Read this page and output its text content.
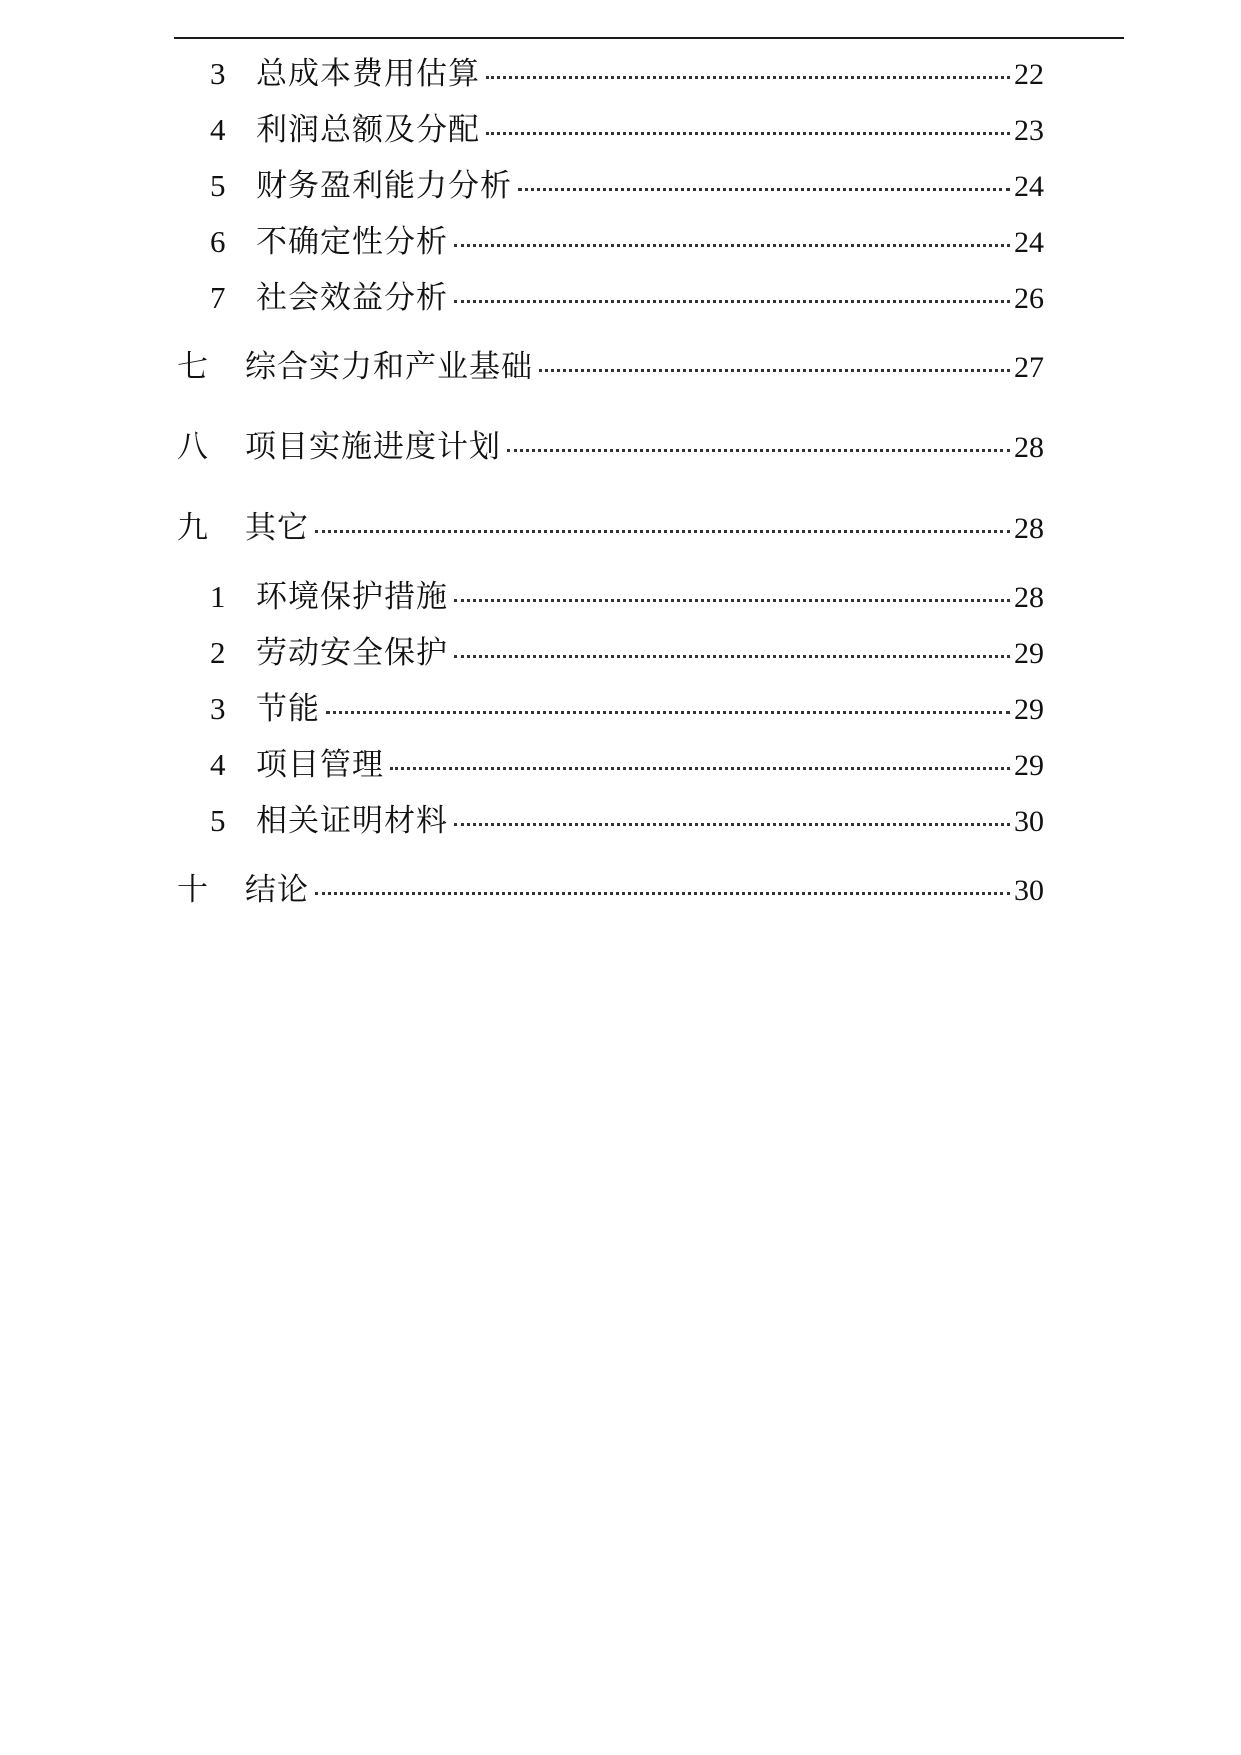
3 总成本费用估算	22
4 利润总额及分配	23
5 财务盈利能力分析	24
6 不确定性分析	24
7 社会效益分析	26
七	综合实力和产业基础	27
八	项目实施进度计划	28
九	其它	28
1 环境保护措施	28
2 劳动安全保护	29
3 节能	29
4 项目管理	29
5 相关证明材料	30
十	结论	30
